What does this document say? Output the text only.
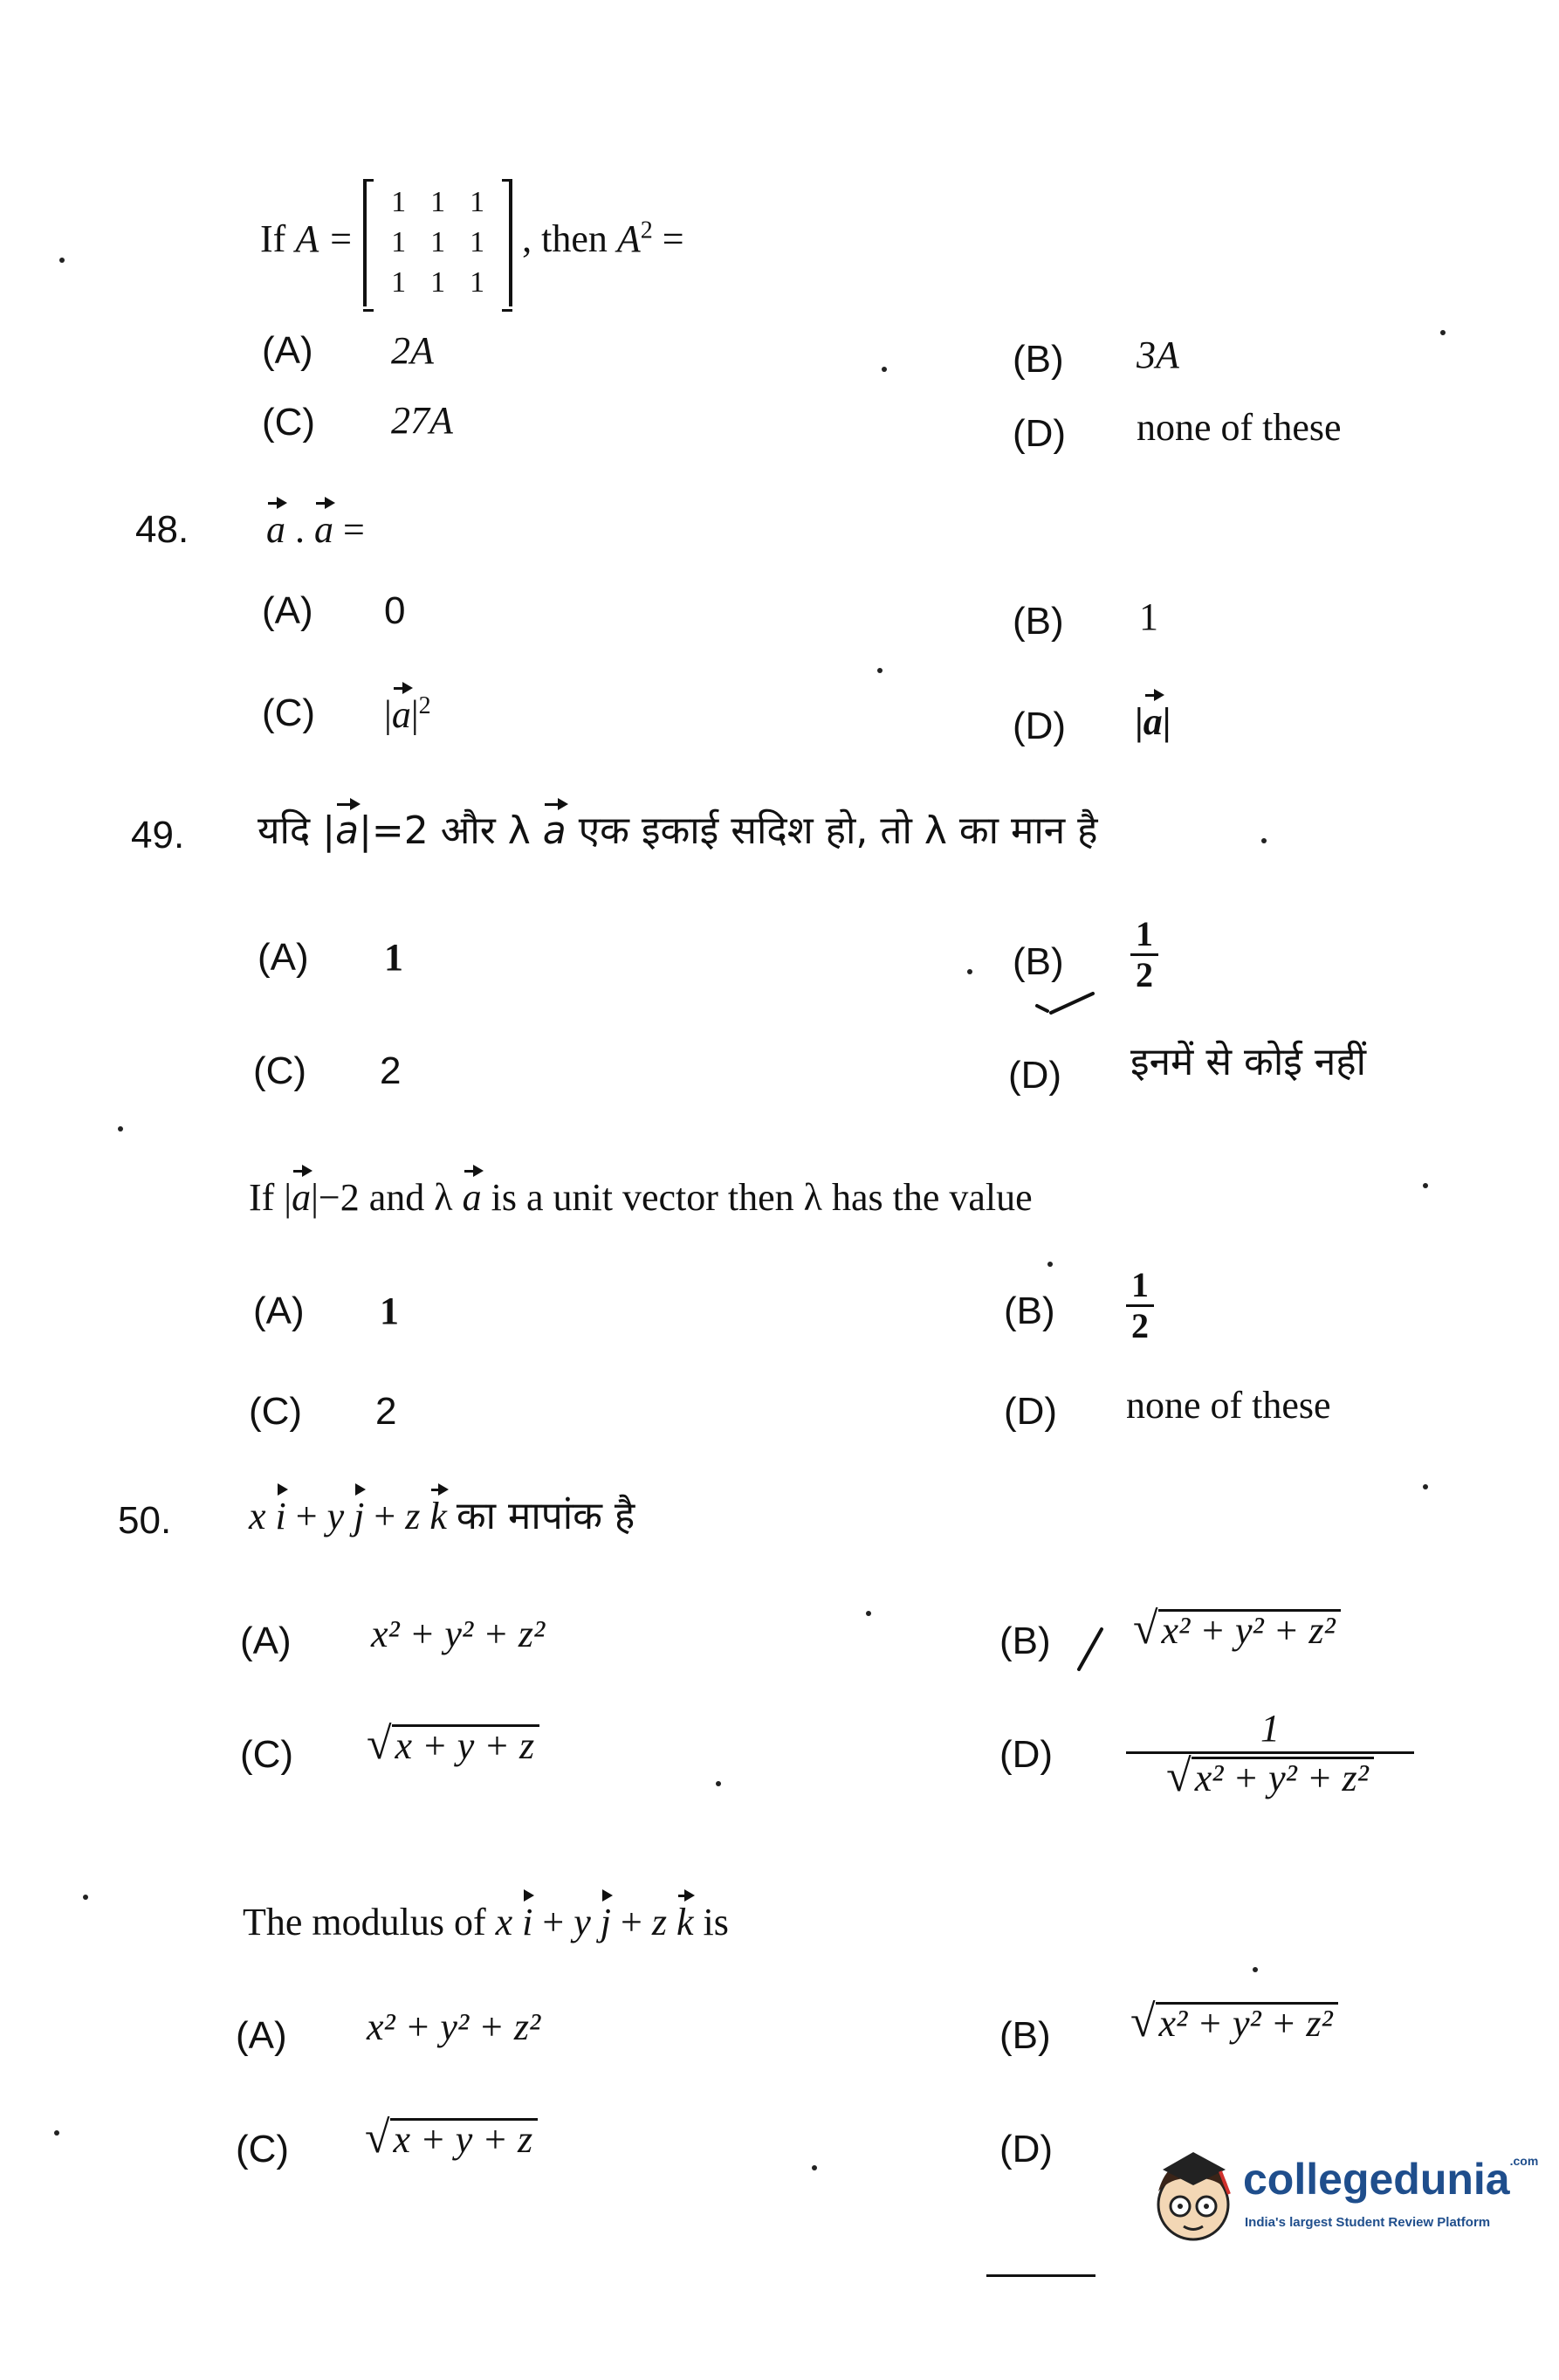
If A =
1	1	1
1	1	1
1	1	1
, then $A^2$ =
(A) 2A	(B) 3A
(C) 27A	(D) none of these
48. a . a =
(A) 0	(B) 1
(C) $|a|^2$	(D) |a|
49. यदि |a|=2 और λ a एक इकाई सदिश हो, तो λ का मान है
(A) 1	$(B) \frac{1}{2}$
(C) 2	(D) इनमें से कोई नहीं
If |a|−2 and λ a is a unit vector then λ has the value
(A) 1	$(B) \frac{1}{2}$
(C) 2	(D) none of these
50. x i + y j + z k का मापांक है
(A) x² + y² + z²	(B) √x² + y² + z²
(C) √x + y + z	(D)
1
√x² + y² + z²
The modulus of x i + y j + z k is
(A) x² + y² + z²	(B) √x² + y² + z²
(C) √x + y + z	(D)
collegedunia$^{.com}$
India's largest Student Review Platform
